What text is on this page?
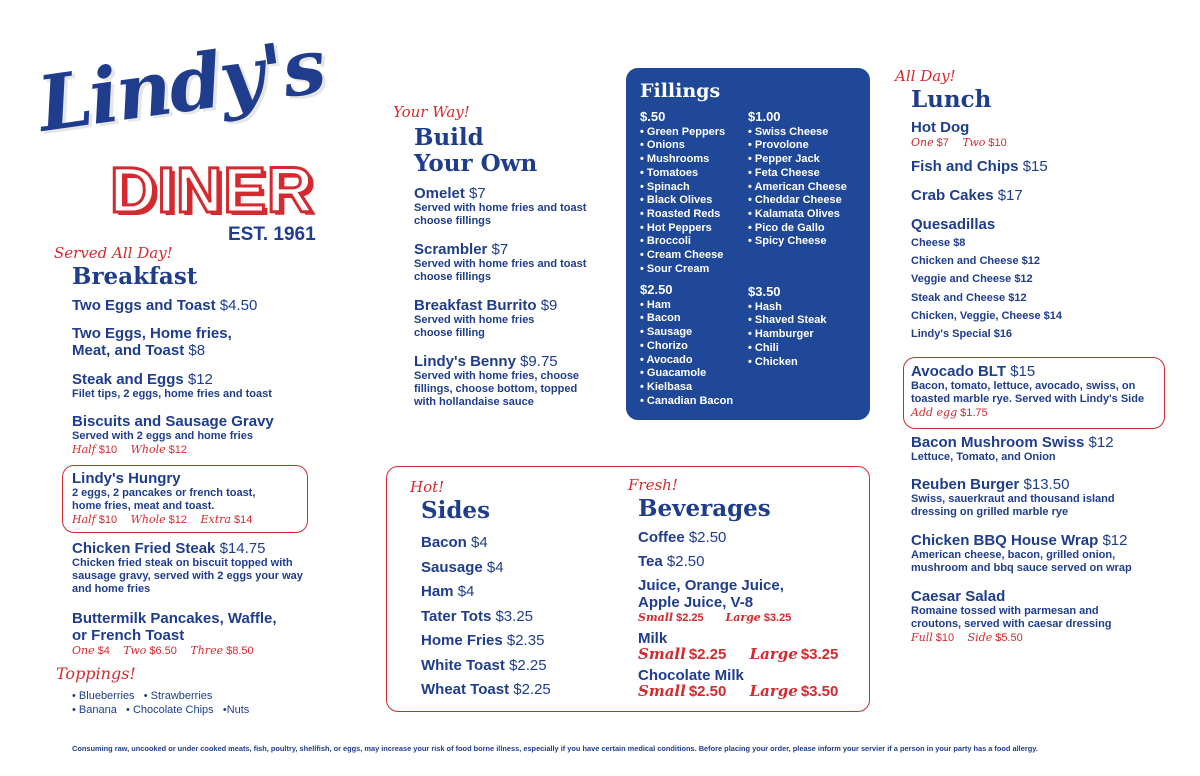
Lindy's
DINER
EST. 1961
Served All Day!
Breakfast
Two Eggs and Toast $4.50
Two Eggs, Home fries,
Meat, and Toast $8
Steak and Eggs $12
Filet tips, 2 eggs, home fries and toast
Biscuits and Sausage Gravy
Served with 2 eggs and home fries
Half $10 Whole $12
Lindy's Hungry
2 eggs, 2 pancakes or french toast,
home fries, meat and toast.
Half $10 Whole $12 Extra $14
Chicken Fried Steak $14.75
Chicken fried steak on biscuit topped with
sausage gravy, served with 2 eggs your way
and home fries
Buttermilk Pancakes, Waffle,
or French Toast
One $4 Two $6.50 Three $8.50
Toppings!
• Blueberries   • Strawberries
• Banana   • Chocolate Chips   •Nuts
Your Way!
Build
Your Own
Omelet $7
Served with home fries and toast
choose fillings
Scrambler $7
Served with home fries and toast
choose fillings
Breakfast Burrito $9
Served with home fries
choose filling
Lindy's Benny $9.75
Served with home fries, choose
fillings, choose bottom, topped
with hollandaise sauce
Fillings
$.50
• Green Peppers
• Onions
• Mushrooms
• Tomatoes
• Spinach
• Black Olives
• Roasted Reds
• Hot Peppers
• Broccoli
• Cream Cheese
• Sour Cream
$1.00
• Swiss Cheese
• Provolone
• Pepper Jack
• Feta Cheese
• American Cheese
• Cheddar Cheese
• Kalamata Olives
• Pico de Gallo
• Spicy Cheese
$2.50
• Ham
• Bacon
• Sausage
• Chorizo
• Avocado
• Guacamole
• Kielbasa
• Canadian Bacon
$3.50
• Hash
• Shaved Steak
• Hamburger
• Chili
• Chicken
Hot!
Sides
Bacon $4
Sausage $4
Ham $4
Tater Tots $3.25
Home Fries $2.35
White Toast $2.25
Wheat Toast $2.25
Fresh!
Beverages
Coffee $2.50
Tea $2.50
Juice, Orange Juice,
Apple Juice, V-8
Small $2.25 Large $3.25
Milk
Small $2.25 Large $3.25
Chocolate Milk
Small $2.50 Large $3.50
All Day!
Lunch
Hot Dog
One $7 Two $10
Fish and Chips $15
Crab Cakes $17
Quesadillas
Cheese $8
Chicken and Cheese $12
Veggie and Cheese $12
Steak and Cheese $12
Chicken, Veggie, Cheese $14
Lindy's Special $16
Avocado BLT $15
Bacon, tomato, lettuce, avocado, swiss, on
toasted marble rye. Served with Lindy's Side
Add egg $1.75
Bacon Mushroom Swiss $12
Lettuce, Tomato, and Onion
Reuben Burger $13.50
Swiss, sauerkraut and thousand island
dressing on grilled marble rye
Chicken BBQ House Wrap $12
American cheese, bacon, grilled onion,
mushroom and bbq sauce served on wrap
Caesar Salad
Romaine tossed with parmesan and
croutons, served with caesar dressing
Full $10 Side $5.50
Consuming raw, uncooked or under cooked meats, fish, poultry, shellfish, or eggs, may increase your risk of food borne illness, especially if you have certain medical conditions. Before placing your order, please inform your servier if a person in your party has a food allergy.
